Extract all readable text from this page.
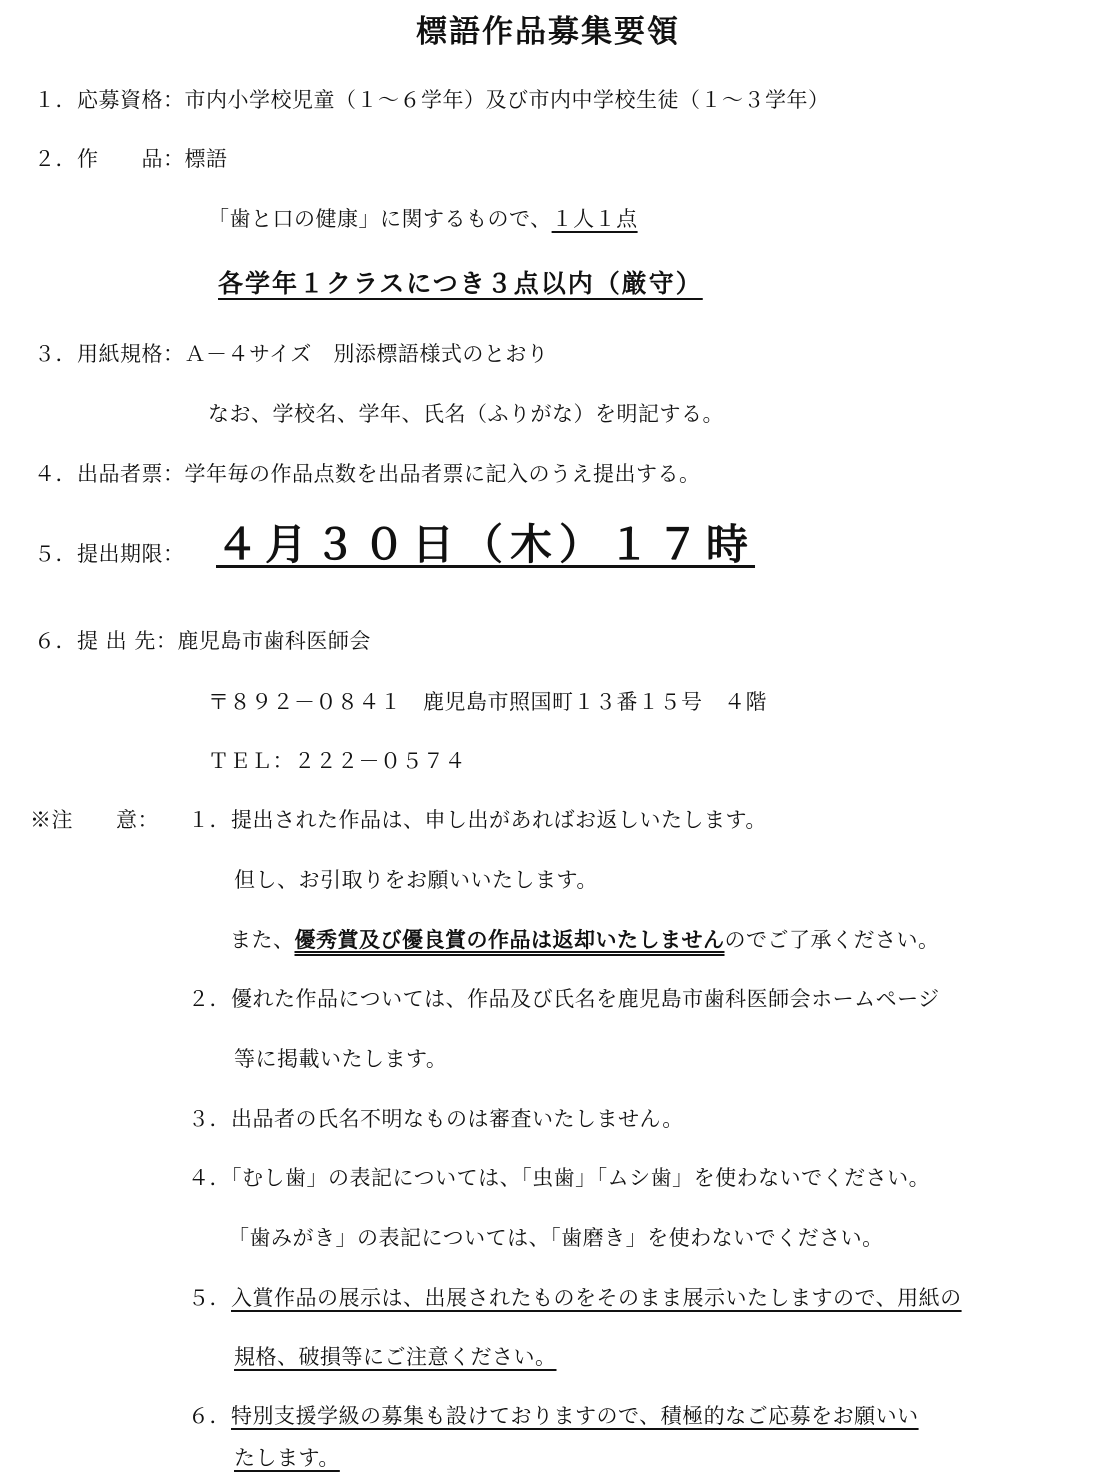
標語作品募集要領
１．応募資格：市内小学校児童（１～６学年）及び市内中学校生徒（１～３学年）
２．作　　品：標語
「歯と口の健康」に関するもので、１人１点
各学年１クラスにつき３点以内（厳守）
３．用紙規格：Ａ－４サイズ　別添標語様式のとおり
なお、学校名、学年、氏名（ふりがな）を明記する。
４．出品者票：学年毎の作品点数を出品者票に記入のうえ提出する。
５．提出期限： ４月３０日（木）１７時
６．提 出 先：鹿児島市歯科医師会
〒８９２－０８４１　鹿児島市照国町１３番１５号　４階
ＴＥＬ：２２２－０５７４
※注　　意： １．提出された作品は、申し出があればお返しいたします。
但し、お引取りをお願いいたします。
また、優秀賞及び優良賞の作品は返却いたしませんのでご了承ください。
２．優れた作品については、作品及び氏名を鹿児島市歯科医師会ホームページ
等に掲載いたします。
３．出品者の氏名不明なものは審査いたしません。
４．「むし歯」の表記については、「虫歯」「ムシ歯」を使わないでください。
「歯みがき」の表記については、「歯磨き」を使わないでください。
５．入賞作品の展示は、出展されたものをそのまま展示いたしますので、用紙の
規格、破損等にご注意ください。
６．特別支援学級の募集も設けておりますので、積極的なご応募をお願いい
たします。
